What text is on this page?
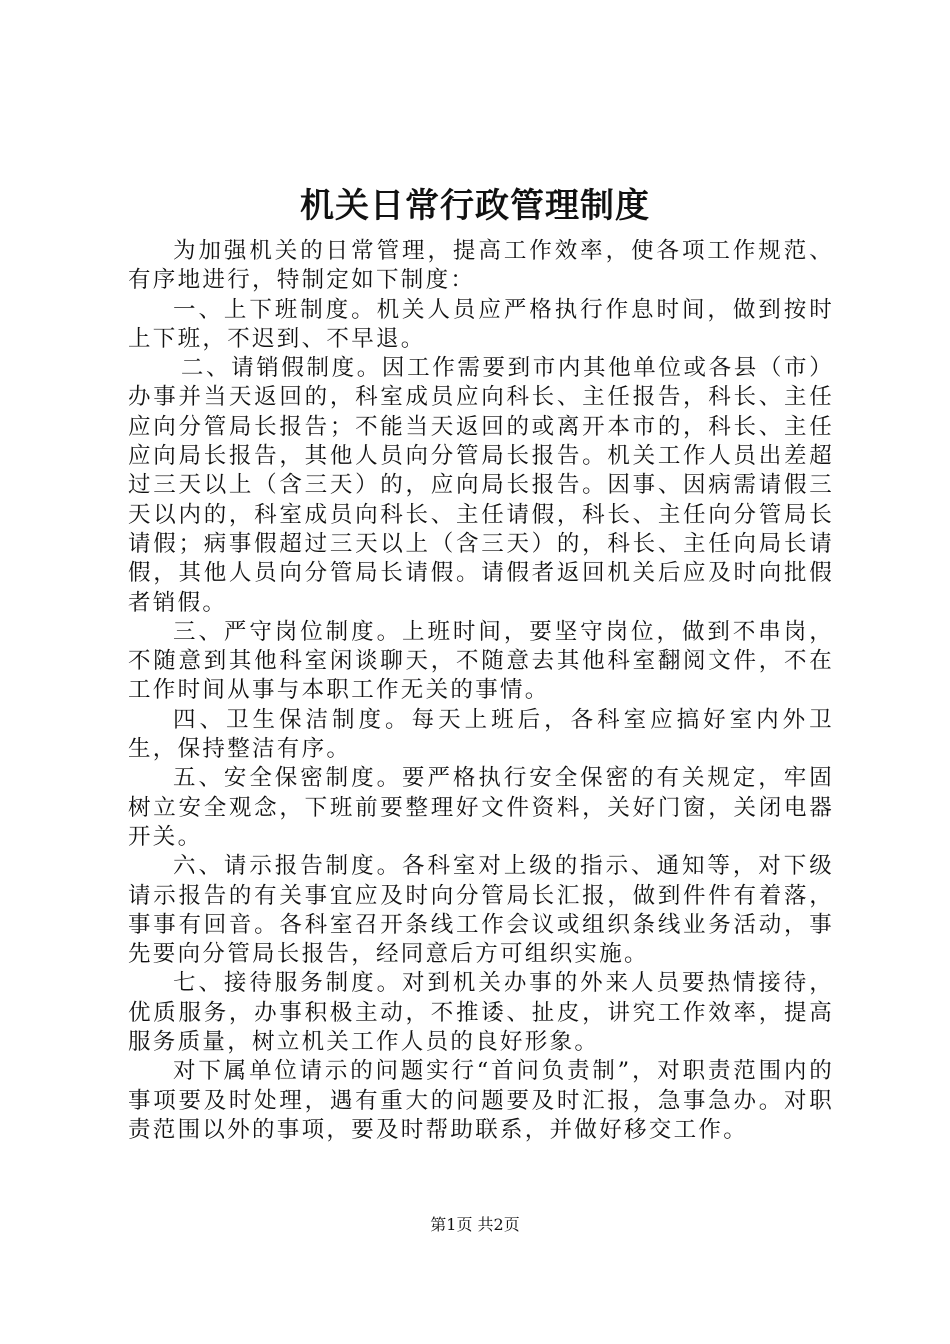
机关日常行政管理制度

为加强机关的日常管理，提高工作效率，使各项工作规范、有序地进行，特制定如下制度：

一、上下班制度。机关人员应严格执行作息时间，做到按时上下班，不迟到、不早退。

二、请销假制度。因工作需要到市内其他单位或各县（市）办事并当天返回的，科室成员应向科长、主任报告，科长、主任应向分管局长报告；不能当天返回的或离开本市的，科长、主任应向局长报告，其他人员向分管局长报告。机关工作人员出差超过三天以上（含三天）的，应向局长报告。因事、因病需请假三天以内的，科室成员向科长、主任请假，科长、主任向分管局长请假；病事假超过三天以上（含三天）的，科长、主任向局长请假，其他人员向分管局长请假。请假者返回机关后应及时向批假者销假。

三、严守岗位制度。上班时间，要坚守岗位，做到不串岗，不随意到其他科室闲谈聊天，不随意去其他科室翻阅文件，不在工作时间从事与本职工作无关的事情。

四、卫生保洁制度。每天上班后，各科室应搞好室内外卫生，保持整洁有序。

五、安全保密制度。要严格执行安全保密的有关规定，牢固树立安全观念，下班前要整理好文件资料，关好门窗，关闭电器开关。

六、请示报告制度。各科室对上级的指示、通知等，对下级请示报告的有关事宜应及时向分管局长汇报，做到件件有着落，事事有回音。各科室召开条线工作会议或组织条线业务活动，事先要向分管局长报告，经同意后方可组织实施。

七、接待服务制度。对到机关办事的外来人员要热情接待，优质服务，办事积极主动，不推诿、扯皮，讲究工作效率，提高服务质量，树立机关工作人员的良好形象。

对下属单位请示的问题实行“首问负责制”，对职责范围内的事项要及时处理，遇有重大的问题要及时汇报，急事急办。对职责范围以外的事项，要及时帮助联系，并做好移交工作。

第1页 共2页
